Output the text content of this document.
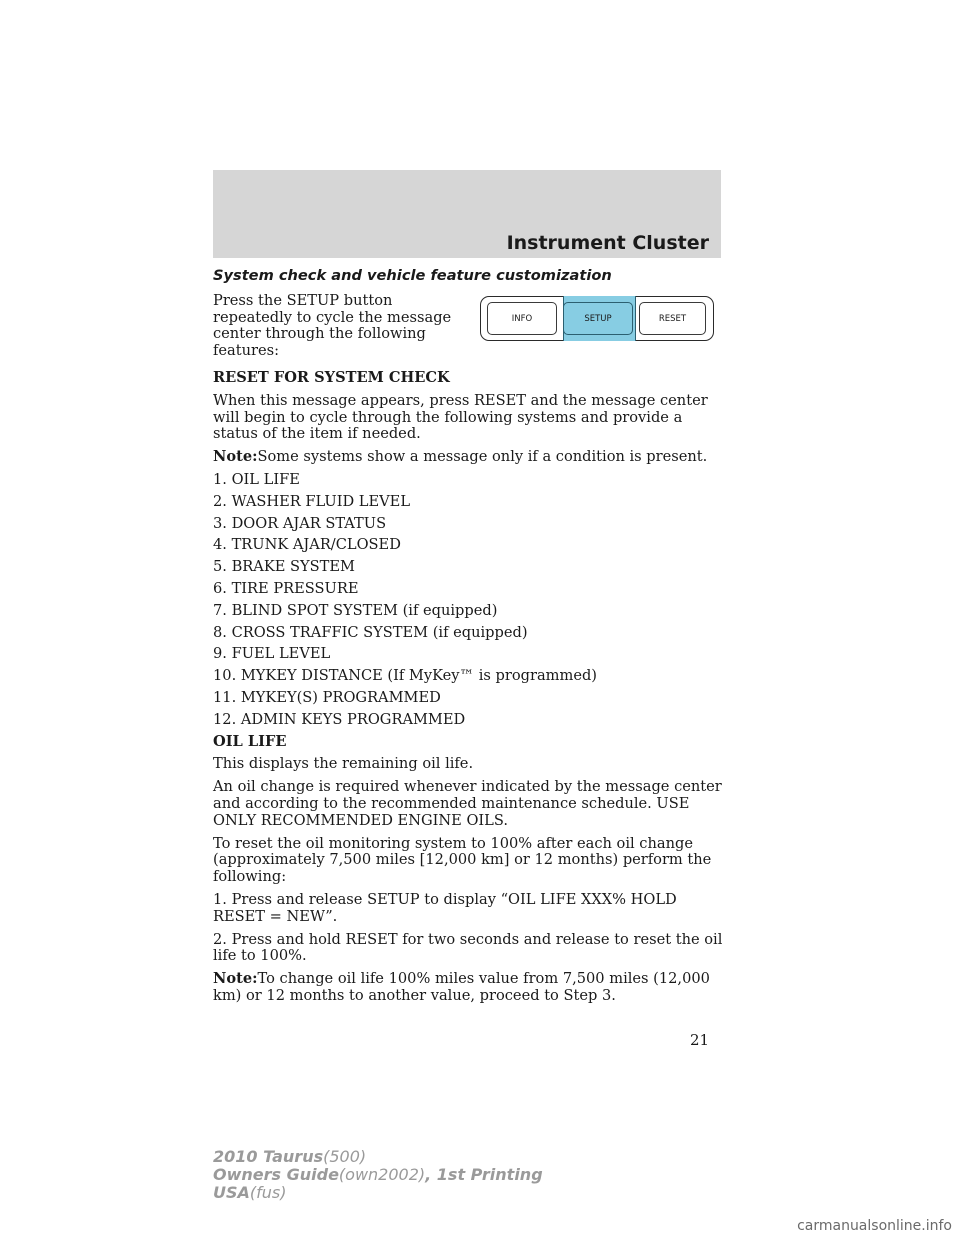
Instrument Cluster
INFO	SETUP	RESET
System check and vehicle feature customization
Press the SETUP button repeatedly to cycle the message center through the following features:
RESET FOR SYSTEM CHECK
When this message appears, press RESET and the message center will begin to cycle through the following systems and provide a status of the item if needed.
Note:Some systems show a message only if a condition is present.
1. OIL LIFE
2. WASHER FLUID LEVEL
3. DOOR AJAR STATUS
4. TRUNK AJAR/CLOSED
5. BRAKE SYSTEM
6. TIRE PRESSURE
7. BLIND SPOT SYSTEM (if equipped)
8. CROSS TRAFFIC SYSTEM (if equipped)
9. FUEL LEVEL
10. MYKEY DISTANCE (If MyKey™ is programmed)
11. MYKEY(S) PROGRAMMED
12. ADMIN KEYS PROGRAMMED
OIL LIFE
This displays the remaining oil life.
An oil change is required whenever indicated by the message center and according to the recommended maintenance schedule. USE ONLY RECOMMENDED ENGINE OILS.
To reset the oil monitoring system to 100% after each oil change (approximately 7,500 miles [12,000 km] or 12 months) perform the following:
1. Press and release SETUP to display “OIL LIFE XXX% HOLD RESET = NEW”.
2. Press and hold RESET for two seconds and release to reset the oil life to 100%.
Note:To change oil life 100% miles value from 7,500 miles (12,000 km) or 12 months to another value, proceed to Step 3.
21
2010 Taurus(500)
Owners Guide(own2002), 1st Printing
USA(fus)
carmanualsonline.info
